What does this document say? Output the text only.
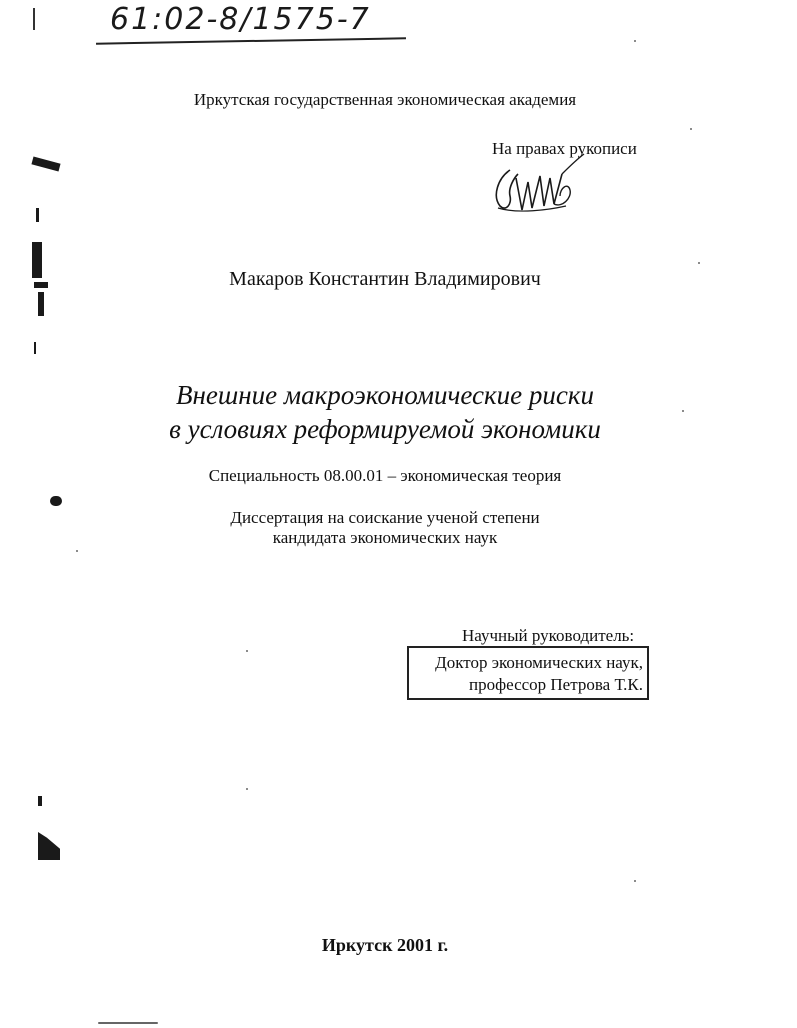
61:02-8/1575-7
Иркутская государственная экономическая академия
На правах рукописи
Макаров Константин Владимирович
Внешние макроэкономические риски
в условиях реформируемой экономики
Специальность 08.00.01 – экономическая теория
Диссертация на соискание ученой степени
кандидата экономических наук
Научный руководитель:
Доктор экономических наук,
профессор Петрова Т.К.
Иркутск 2001 г.
